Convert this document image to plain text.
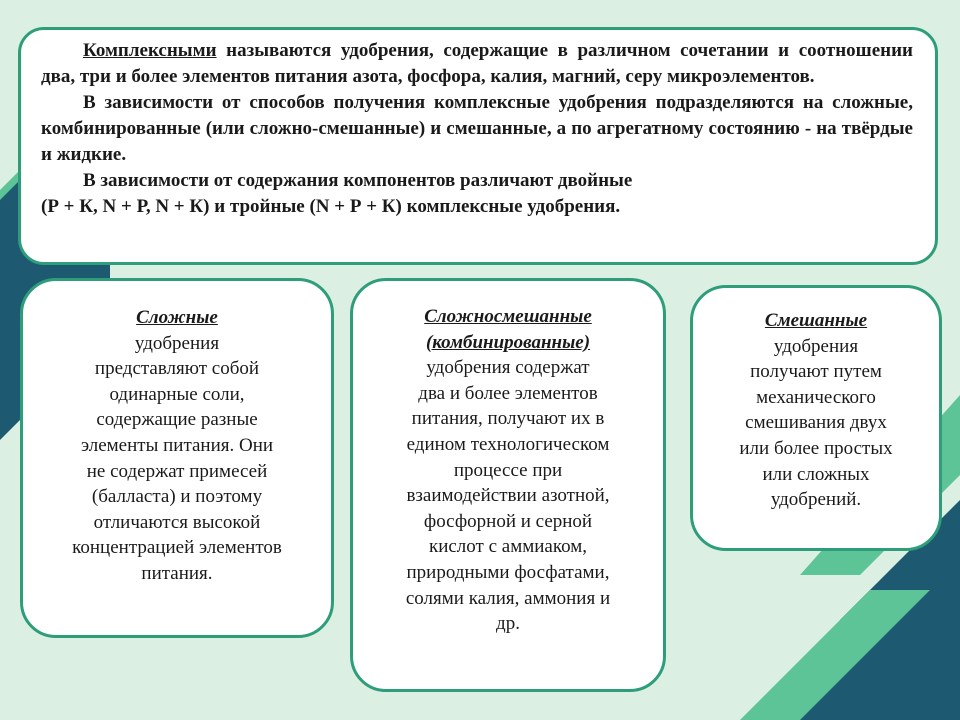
Комплексными называются удобрения, содержащие в различном сочетании и соотношении два, три и более элементов питания азота, фосфора, калия, магний, серу микроэлементов.

В зависимости от способов получения комплексные удобрения подразделяются на сложные, комбинированные (или сложно-смешанные) и смешанные, а по агрегатному состоянию - на твёрдые и жидкие.

В зависимости от содержания компонентов различают двойные
(Р + К, N + Р, N + К) и тройные (N + Р + К) комплексные удобрения.

Сложные
удобрения
представляют собой
одинарные соли,
содержащие разные
элементы питания. Они
не содержат примесей
(балласта) и поэтому
отличаются высокой
концентрацией элементов
питания.
Сложносмешанные
(комбинированные)
удобрения содержат
два и более элементов
питания, получают их в
едином технологическом
процессе при
взаимодействии азотной,
фосфорной и серной
кислот с аммиаком,
природными фосфатами,
солями калия, аммония и
др.
Смешанные
удобрения
получают путем
механического
смешивания двух
или более простых
или сложных
удобрений.
